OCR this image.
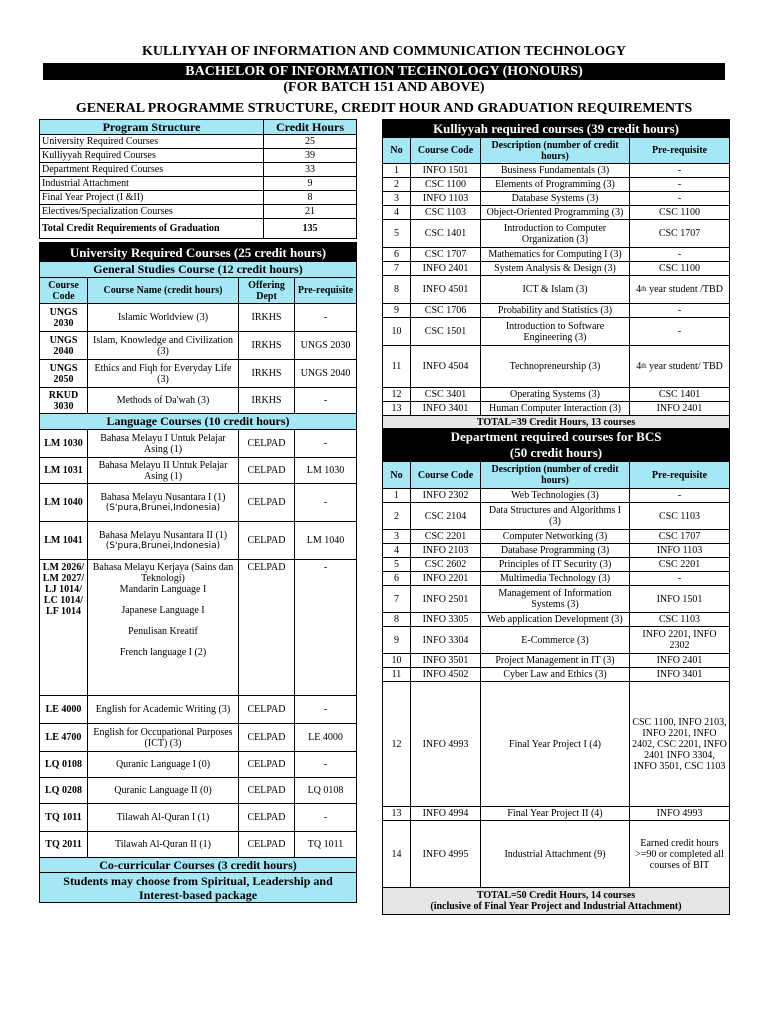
KULLIYYAH OF INFORMATION AND COMMUNICATION TECHNOLOGY
BACHELOR OF INFORMATION TECHNOLOGY (HONOURS)
(FOR BATCH 151 AND ABOVE)
GENERAL PROGRAMME STRUCTURE, CREDIT HOUR AND GRADUATION REQUIREMENTS
Program Structure	Credit Hours
University Required Courses	25
Kulliyyah Required Courses	39
Department Required Courses	33
Industrial Attachment	9
Final Year Project (I &II)	8
Electives/Specialization Courses	21
Total Credit Requirements of Graduation	135
University Required Courses (25 credit hours)			
General Studies Course (12 credit hours)			
Course Code	Course Name (credit hours)	Offering Dept	Pre-requisite
UNGS 2030	Islamic Worldview (3)	IRKHS	-
UNGS 2040	Islam, Knowledge and Civilization (3)	IRKHS	UNGS 2030
UNGS 2050	Ethics and Fiqh for Everyday Life (3)	IRKHS	UNGS 2040
RKUD 3030	Methods of Da'wah (3)	IRKHS	-
Language Courses (10 credit hours)			
LM 1030	Bahasa Melayu I Untuk Pelajar Asing (1)	CELPAD	-
LM 1031	Bahasa Melayu II Untuk Pelajar Asing (1)	CELPAD	LM 1030
LM 1040	Bahasa Melayu Nusantara I (1)
(S'pura,Brunei,Indonesia)	CELPAD	-
LM 1041	Bahasa Melayu Nusantara II (1)
(S'pura,Brunei,Indonesia)	CELPAD	LM 1040
LM 2026/ LM 2027/ LJ 1014/ LC 1014/ LF 1014	Bahasa Melayu Kerjaya (Sains dan Teknologi)
Mandarin Language I
Japanese Language I
Penulisan Kreatif
French language I (2)	CELPAD	-
LE 4000	English for Academic Writing (3)	CELPAD	-
LE 4700	English for Occupational Purposes (ICT) (3)	CELPAD	LE 4000
LQ 0108	Quranic Language I (0)	CELPAD	-
LQ 0208	Quranic Language II (0)	CELPAD	LQ 0108
TQ 1011	Tilawah Al-Quran I (1)	CELPAD	-
TQ 2011	Tilawah Al-Quran II (1)	CELPAD	TQ 1011
Co-curricular Courses (3 credit hours)			
Students may choose from Spiritual, Leadership and Interest-based package			
Kulliyyah required courses (39 credit hours)			
No	Course Code	Description (number of credit hours)	Pre-requisite
1	INFO 1501	Business Fundamentals (3)	-
2	CSC 1100	Elements of Programming (3)	-
3	INFO 1103	Database Systems (3)	-
4	CSC 1103	Object-Oriented Programming (3)	CSC 1100
5	CSC 1401	Introduction to Computer Organization (3)	CSC 1707
6	CSC 1707	Mathematics for Computing I (3)	-
7	INFO 2401	System Analysis & Design (3)	CSC 1100
8	INFO 4501	ICT & Islam (3)	4th year student /TBD
9	CSC 1706	Probability and Statistics (3)	-
10	CSC 1501	Introduction to Software Engineering (3)	-
11	INFO 4504	Technopreneurship (3)	4th year student/ TBD
12	CSC 3401	Operating Systems (3)	CSC 1401
13	INFO 3401	Human Computer Interaction (3)	INFO 2401
TOTAL=39 Credit Hours, 13 courses			
Department required courses for BCS
(50 credit hours)			

No	Course Code	Description (number of credit hours)	Pre-requisite
1	INFO 2302	Web Technologies (3)	-
2	CSC 2104	Data Structures and Algorithms I (3)	CSC 1103
3	CSC 2201	Computer Networking (3)	CSC 1707
4	INFO 2103	Database Programming (3)	INFO 1103
5	CSC 2602	Principles of IT Security (3)	CSC 2201
6	INFO 2201	Multimedia Technology (3)	-
7	INFO 2501	Management of Information Systems (3)	INFO 1501
8	INFO 3305	Web application Development (3)	CSC 1103
9	INFO 3304	E-Commerce (3)	INFO 2201, INFO 2302
10	INFO 3501	Project Management in IT (3)	INFO 2401
11	INFO 4502	Cyber Law and Ethics (3)	INFO 3401
12	INFO 4993	Final Year Project I (4)	CSC 1100, INFO 2103, INFO 2201, INFO 2402, CSC 2201, INFO 2401 INFO 3304, INFO 3501, CSC 1103
13	INFO 4994	Final Year Project II (4)	INFO 4993
14	INFO 4995	Industrial Attachment (9)	Earned credit hours >=90 or completed all courses of BIT

TOTAL=50 Credit Hours, 14 courses
(inclusive of Final Year Project and Industrial Attachment)			
